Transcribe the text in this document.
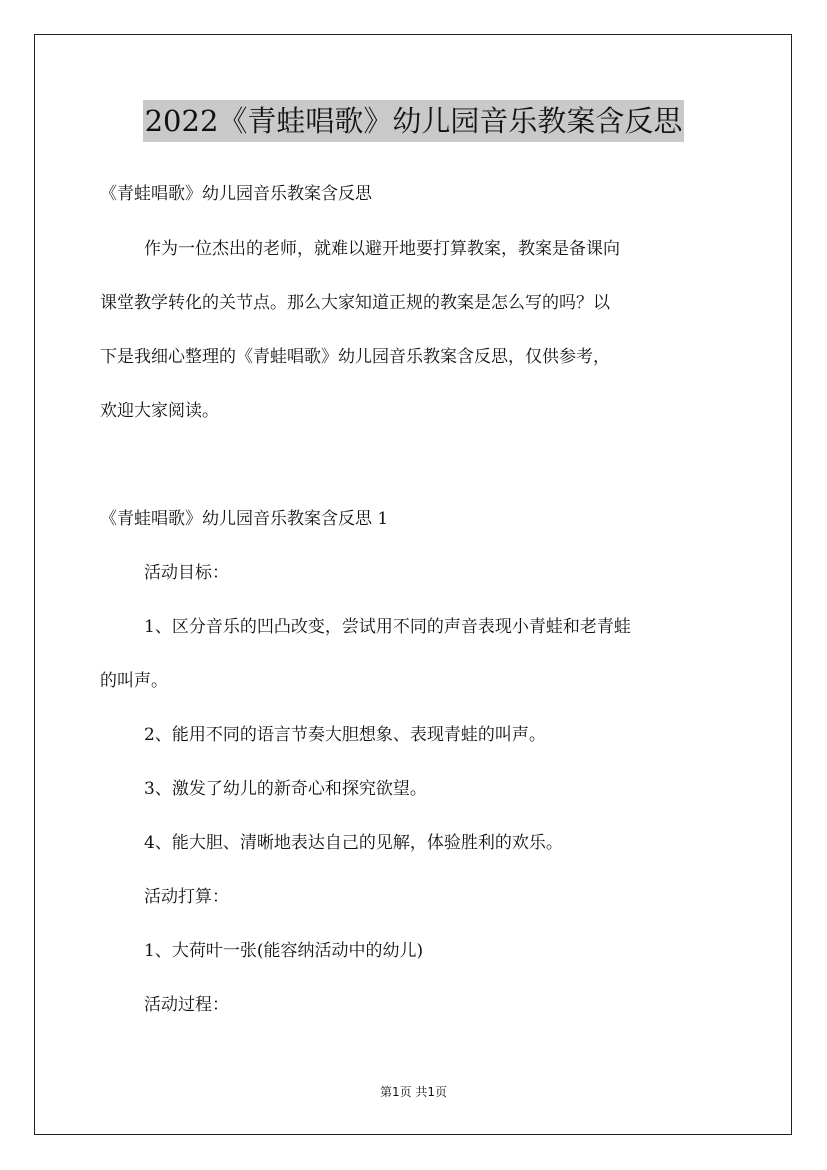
2022《青蛙唱歌》幼儿园音乐教案含反思
《青蛙唱歌》幼儿园音乐教案含反思
作为一位杰出的老师，就难以避开地要打算教案，教案是备课向
课堂教学转化的关节点。那么大家知道正规的教案是怎么写的吗？以
下是我细心整理的《青蛙唱歌》幼儿园音乐教案含反思，仅供参考，
欢迎大家阅读。
《青蛙唱歌》幼儿园音乐教案含反思 1
活动目标：
1、区分音乐的凹凸改变，尝试用不同的声音表现小青蛙和老青蛙
的叫声。
2、能用不同的语言节奏大胆想象、表现青蛙的叫声。
3、激发了幼儿的新奇心和探究欲望。
4、能大胆、清晰地表达自己的见解，体验胜利的欢乐。
活动打算：
1、大荷叶一张(能容纳活动中的幼儿)
活动过程：
第1页 共1页
